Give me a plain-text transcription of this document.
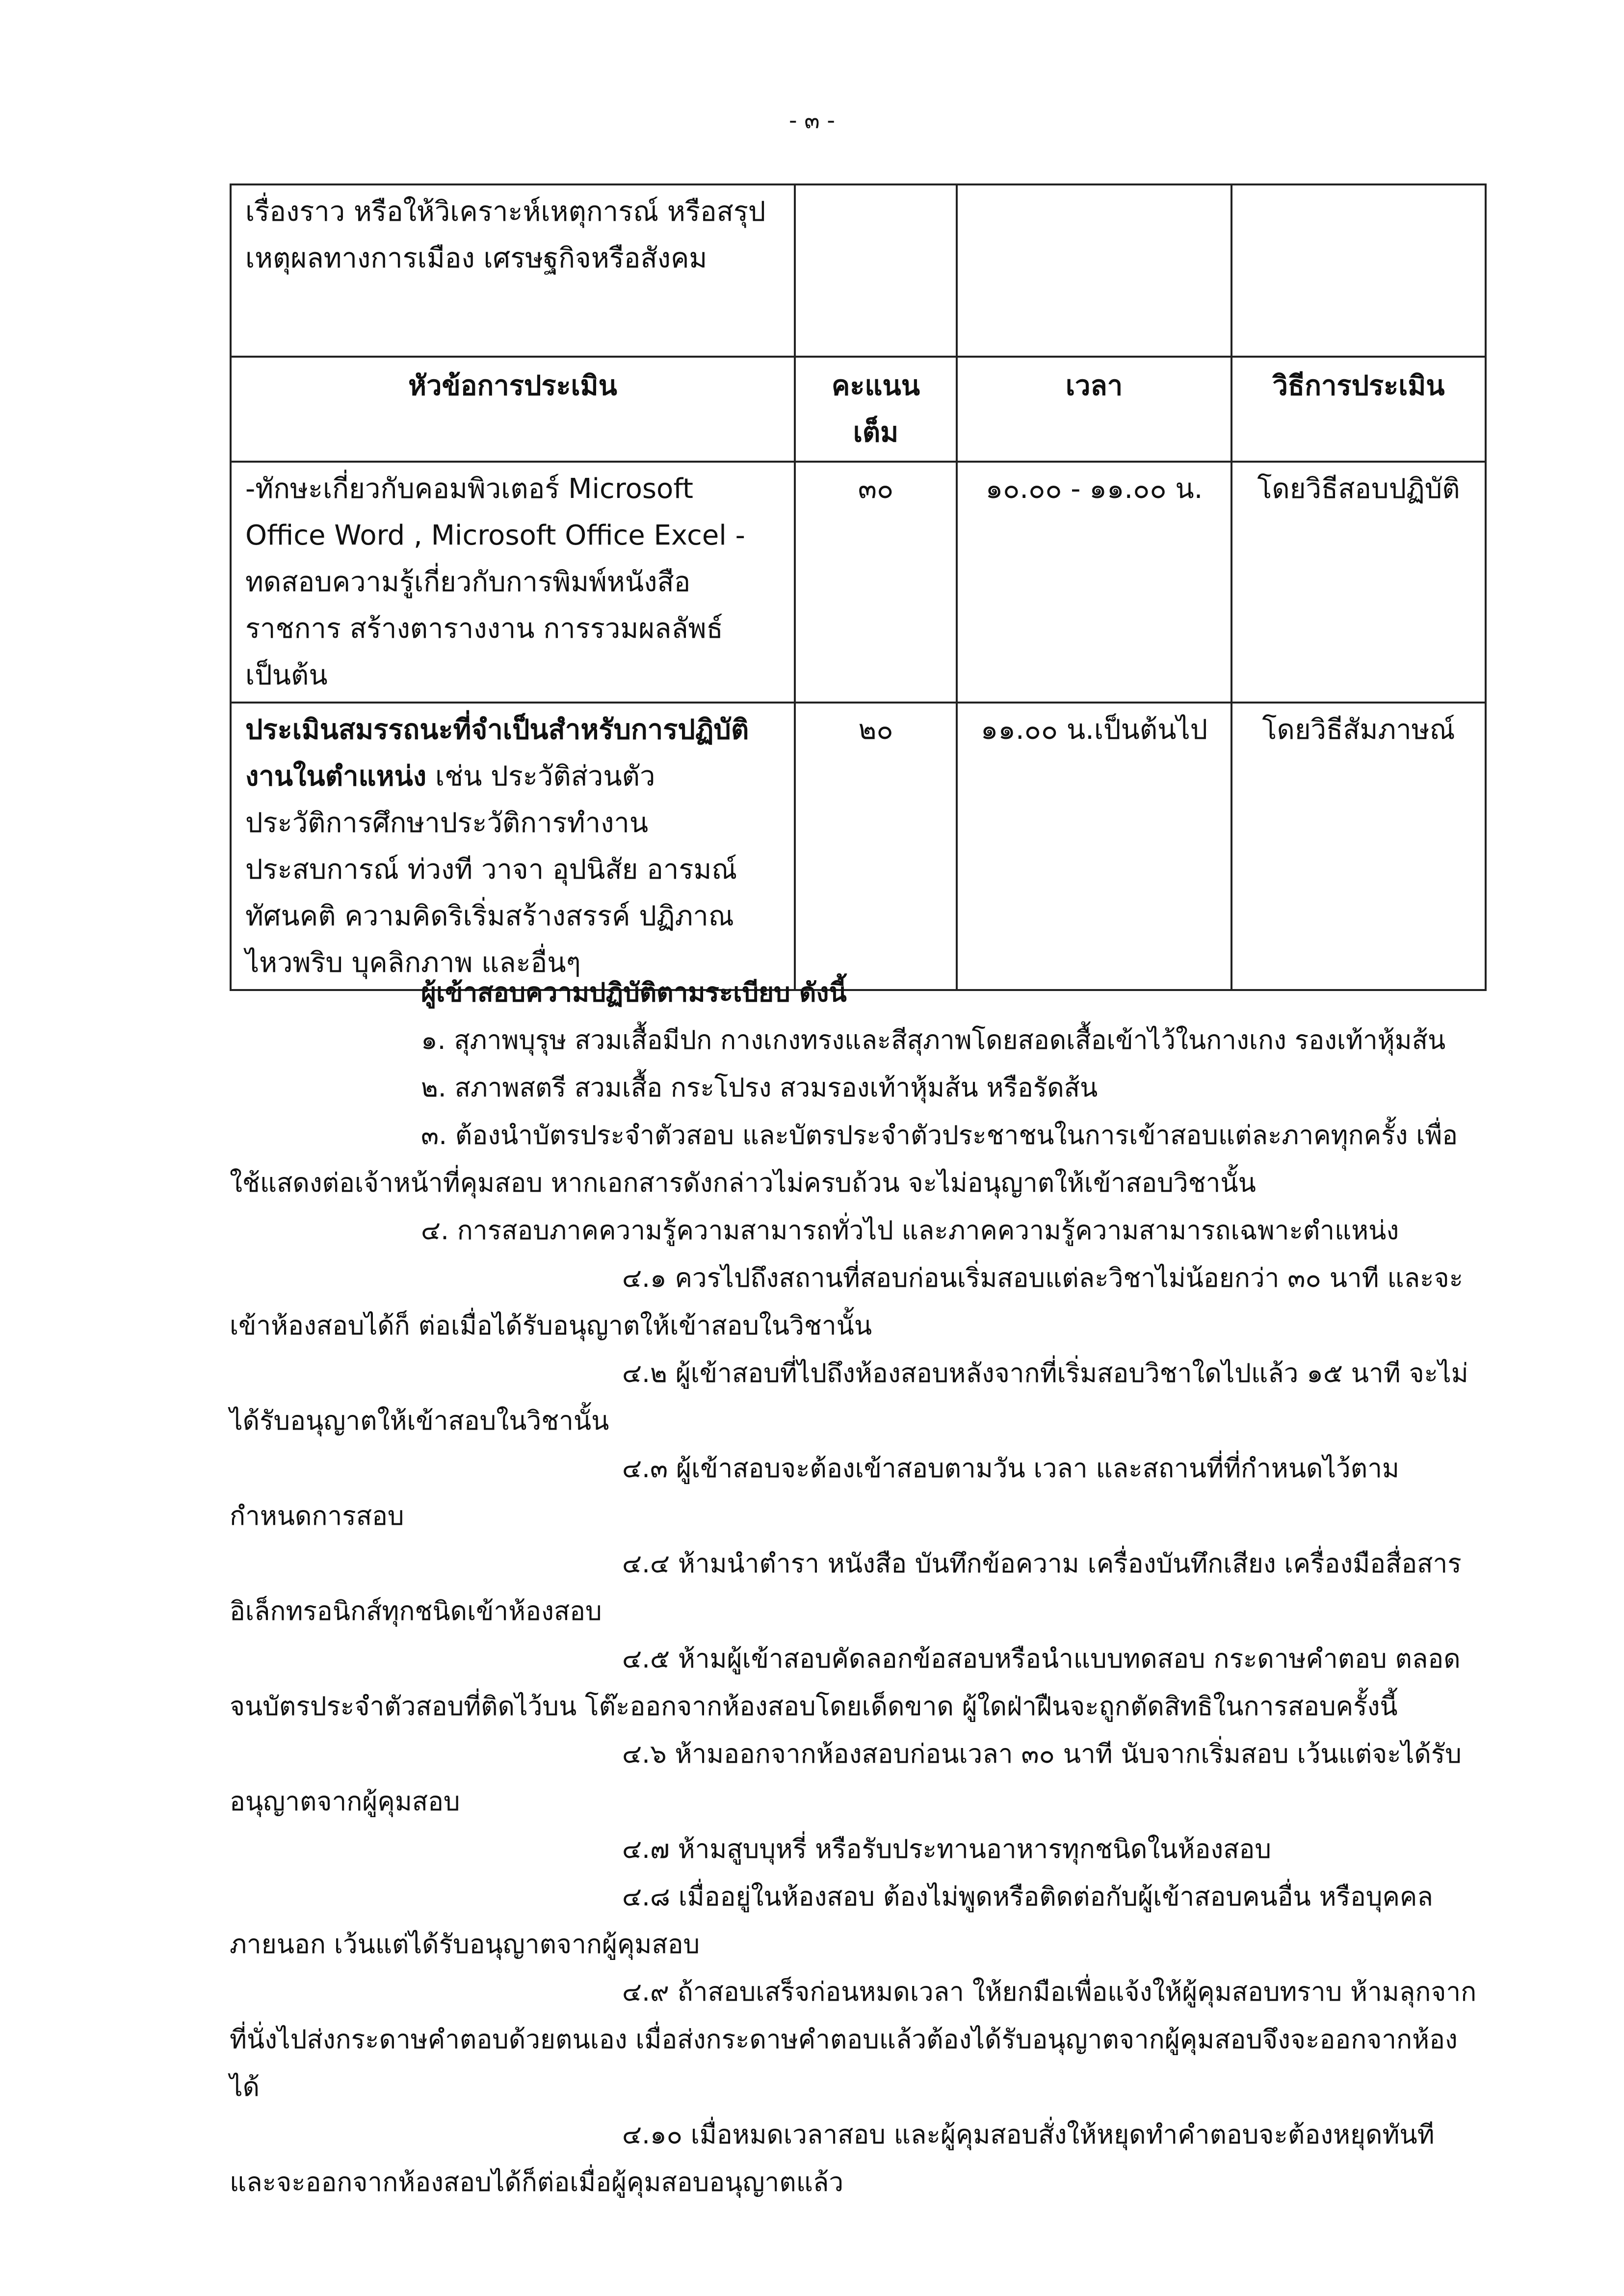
- ๓ -
เรื่องราว หรือให้วิเคราะห์เหตุการณ์ หรือสรุปเหตุผลทางการเมือง เศรษฐกิจหรือสังคม			
หัวข้อการประเมิน	คะแนนเต็ม	เวลา	วิธีการประเมิน
-ทักษะเกี่ยวกับคอมพิวเตอร์ Microsoft Office Word , Microsoft Office Excel - ทดสอบความรู้เกี่ยวกับการพิมพ์หนังสือราชการ สร้างตารางงาน การรวมผลลัพธ์ เป็นต้น	๓๐	๑๐.๐๐ - ๑๑.๐๐ น.	โดยวิธีสอบปฏิบัติ
ประเมินสมรรถนะที่จำเป็นสำหรับการปฏิบัติงานในตำแหน่ง เช่น ประวัติส่วนตัว ประวัติการศึกษาประวัติการทำงาน ประสบการณ์ ท่วงที วาจา อุปนิสัย อารมณ์ ทัศนคติ ความคิดริเริ่มสร้างสรรค์ ปฏิภาณไหวพริบ บุคลิกภาพ และอื่นๆ	๒๐	๑๑.๐๐ น.เป็นต้นไป	โดยวิธีสัมภาษณ์

ผู้เข้าสอบความปฏิบัติตามระเบียบ ดังนี้

๑. สุภาพบุรุษ สวมเสื้อมีปก กางเกงทรงและสีสุภาพโดยสอดเสื้อเข้าไว้ในกางเกง รองเท้าหุ้มส้น

๒. สภาพสตรี สวมเสื้อ กระโปรง สวมรองเท้าหุ้มส้น หรือรัดส้น

๓. ต้องนำบัตรประจำตัวสอบ และบัตรประจำตัวประชาชนในการเข้าสอบแต่ละภาคทุกครั้ง เพื่อใช้แสดงต่อเจ้าหน้าที่คุมสอบ หากเอกสารดังกล่าวไม่ครบถ้วน จะไม่อนุญาตให้เข้าสอบวิชานั้น

๔. การสอบภาคความรู้ความสามารถทั่วไป และภาคความรู้ความสามารถเฉพาะตำแหน่ง

๔.๑ ควรไปถึงสถานที่สอบก่อนเริ่มสอบแต่ละวิชาไม่น้อยกว่า ๓๐ นาที และจะเข้าห้องสอบได้ก็ ต่อเมื่อได้รับอนุญาตให้เข้าสอบในวิชานั้น

๔.๒ ผู้เข้าสอบที่ไปถึงห้องสอบหลังจากที่เริ่มสอบวิชาใดไปแล้ว ๑๕ นาที จะไม่ได้รับอนุญาตให้เข้าสอบในวิชานั้น

๔.๓ ผู้เข้าสอบจะต้องเข้าสอบตามวัน เวลา และสถานที่ที่กำหนดไว้ตามกำหนดการสอบ

๔.๔ ห้ามนำตำรา หนังสือ บันทึกข้อความ เครื่องบันทึกเสียง เครื่องมือสื่อสารอิเล็กทรอนิกส์ทุกชนิดเข้าห้องสอบ

๔.๕ ห้ามผู้เข้าสอบคัดลอกข้อสอบหรือนำแบบทดสอบ กระดาษคำตอบ ตลอดจนบัตรประจำตัวสอบที่ติดไว้บน โต๊ะออกจากห้องสอบโดยเด็ดขาด ผู้ใดฝ่าฝืนจะถูกตัดสิทธิในการสอบครั้งนี้

๔.๖ ห้ามออกจากห้องสอบก่อนเวลา ๓๐ นาที นับจากเริ่มสอบ เว้นแต่จะได้รับอนุญาตจากผู้คุมสอบ

๔.๗ ห้ามสูบบุหรี่ หรือรับประทานอาหารทุกชนิดในห้องสอบ

๔.๘ เมื่ออยู่ในห้องสอบ ต้องไม่พูดหรือติดต่อกับผู้เข้าสอบคนอื่น หรือบุคคลภายนอก เว้นแต่ได้รับอนุญาตจากผู้คุมสอบ

๔.๙ ถ้าสอบเสร็จก่อนหมดเวลา ให้ยกมือเพื่อแจ้งให้ผู้คุมสอบทราบ ห้ามลุกจากที่นั่งไปส่งกระดาษคำตอบด้วยตนเอง เมื่อส่งกระดาษคำตอบแล้วต้องได้รับอนุญาตจากผู้คุมสอบจึงจะออกจากห้องได้

๔.๑๐ เมื่อหมดเวลาสอบ และผู้คุมสอบสั่งให้หยุดทำคำตอบจะต้องหยุดทันที และจะออกจากห้องสอบได้ก็ต่อเมื่อผู้คุมสอบอนุญาตแล้ว
